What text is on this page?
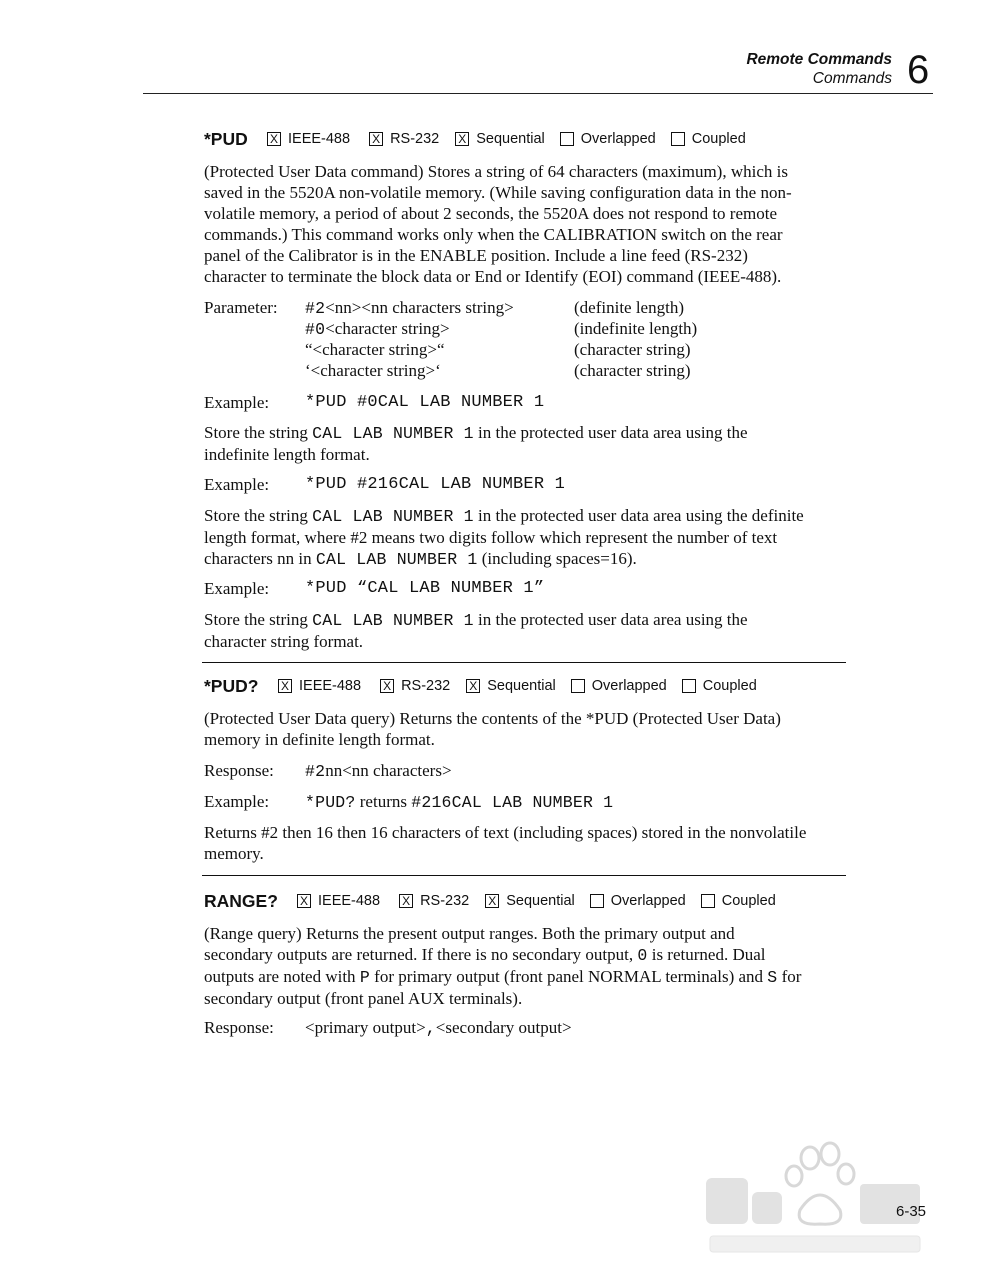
Remote Commands
Commands 6
*PUD	X IEEE-488 X RS-232 X Sequential Overlapped Coupled
(Protected User Data command) Stores a string of 64 characters (maximum), which is
saved in the 5520A non-volatile memory. (While saving configuration data in the non-
volatile memory, a period of about 2 seconds, the 5520A does not respond to remote
commands.) This command works only when the CALIBRATION switch on the rear
panel of the Calibrator is in the ENABLE position. Include a line feed (RS-232)
character to terminate the block data or End or Identify (EOI) command (IEEE-488).
Parameter: #2<nn><nn characters string>	(definite length)
#0<character string>	(indefinite length)
“<character string>“	(character string)
‘<character string>‘	(character string)
Example: *PUD #0CAL LAB NUMBER 1
Store the string CAL LAB NUMBER 1 in the protected user data area using the
indefinite length format.
Example: *PUD #216CAL LAB NUMBER 1
Store the string CAL LAB NUMBER 1 in the protected user data area using the definite
length format, where #2 means two digits follow which represent the number of text
characters nn in CAL LAB NUMBER 1 (including spaces=16).
Example: *PUD “CAL LAB NUMBER 1”
Store the string CAL LAB NUMBER 1 in the protected user data area using the
character string format.
*PUD?	X IEEE-488 X RS-232 X Sequential Overlapped Coupled
(Protected User Data query) Returns the contents of the *PUD (Protected User Data)
memory in definite length format.
Response: #2nn<nn characters>
Example: *PUD? returns #216CAL LAB NUMBER 1
Returns #2 then 16 then 16 characters of text (including spaces) stored in the nonvolatile
memory.
RANGE?	X IEEE-488 X RS-232 X Sequential Overlapped Coupled
(Range query) Returns the present output ranges. Both the primary output and
secondary outputs are returned. If there is no secondary output, 0 is returned. Dual
outputs are noted with P for primary output (front panel NORMAL terminals) and S for
secondary output (front panel AUX terminals).
Response: <primary output>,<secondary output>
6-35
